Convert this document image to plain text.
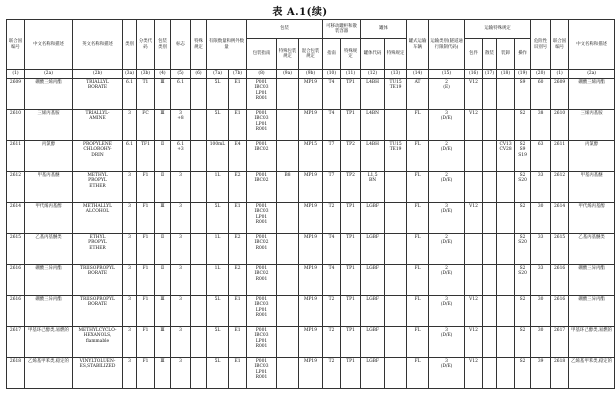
表 A.1(续)
联合国编号	中文名称和描述	英文名称和描述	类别	分类代码	包装类别	标志	特殊规定	有限数量和例外数量		包装			可移动罐柜和散装容器		罐体		罐式运输车辆	运输类别(隧道通行限制代码)	运输特殊规定				危险性识别号	联合国编号	中文名称和描述
										包装指南	特殊包装规定	混合包装规定	指南	特殊规定	罐体代码	特殊规定			包件	散装	装卸	操作			
(1)	(2a)	(2b)	(3a)	(3b)	(4)	(5)	(6)	(7a)	(7b)	(8)	(9a)	(9b)	(10)	(11)	(12)	(13)	(14)	(15)	(16)	(17)	(18)	(19)	(20)	(1)	(2a)
2609	硼酸三烯丙酯	TRIALLYL
BORATE	6.1	T1	Ⅲ	6.1		5L	E1	P001
IBC03
LP01
R001		MP19	T4	TP1	L4BH	TU15
TE19	AT	2
(E)	V12			S9	60	2609	硼酸三烯丙酯
2610	三烯丙基胺	TRIALLYL-
AMINE	3	FC	Ⅲ	3
+8		5L	E1	P001
IBC03
LP01
R001		MP19	T4	TP1	L4BN		FL	3
(D/E)	V12			S2	38	2610	三烯丙基胺
2611	丙氯醇	PROPYLENE
CHLOROHY-
DRIN	6.1	TF1	Ⅱ	6.1
+3		100mL	E4	P001
IBC02		MP15	T7	TP2	L4BH	TU15
TE19	FL	2
(D/E)			CV13
CV28	S2
S9
S19	63	2611	丙氯醇
2612	甲基丙基醚	METHYL
PROPYL
ETHER	3	F1	Ⅱ	3		1L	E2	P001
IBC02	B8	MP19	T7	TP2	L1,5
BN		FL	2
(D/E)				S2
S20	33	2612	甲基丙基醚
2614	甲代烯丙基醇	METHALLYL
ALCOHOL	3	F1	Ⅲ	3		5L	E1	P001
IBC03
LP01
R001		MP19	T2	TP1	LGBF		FL	3
(D/E)	V12			S2	30	2614	甲代烯丙基醇
2615	乙基丙基醚类	ETHYL
PROPYL
ETHER	3	F1	Ⅱ	3		1L	E2	P001
IBC02
R001		MP19	T4	TP1	LGBF		FL	2
(D/E)				S2
S20	33	2615	乙基丙基醚类
2616	硼酸三异丙酯	TRIISOPROPYL
BORATE	3	F1	Ⅱ	3		1L	E2	P001
IBC02
R001		MP19	T4	TP1	LGBF		FL	2
(D/E)				S2
S20	33	2616	硼酸三异丙酯
2616	硼酸三异丙酯	TRIISOPROPYL
BORATE	3	F1	Ⅲ	3		5L	E1	P001
IBC03
LP01
R001		MP19	T2	TP1	LGBF		FL	3
(D/E)	V12			S2	30	2616	硼酸三异丙酯
2617	甲基环己醇类,易燃的	METHYLCYCLO-
HEXANOLS,
flammable	3	F1	Ⅲ	3		5L	E1	P001
IBC03
LP01
R001		MP19	T2	TP1	LGBF		FL	3
(D/E)	V12			S2	30	2617	甲基环己醇类,易燃的
2618	乙烯基甲苯类,稳定的	VINYLTOLUEN-
ES,STABILIZED	3	F1	Ⅲ	3		5L	E1	P001
IBC03
LP01
R001		MP19	T2	TP1	LGBF		FL	3
(D/E)	V12			S2	39	2618	乙烯基甲苯类,稳定的
